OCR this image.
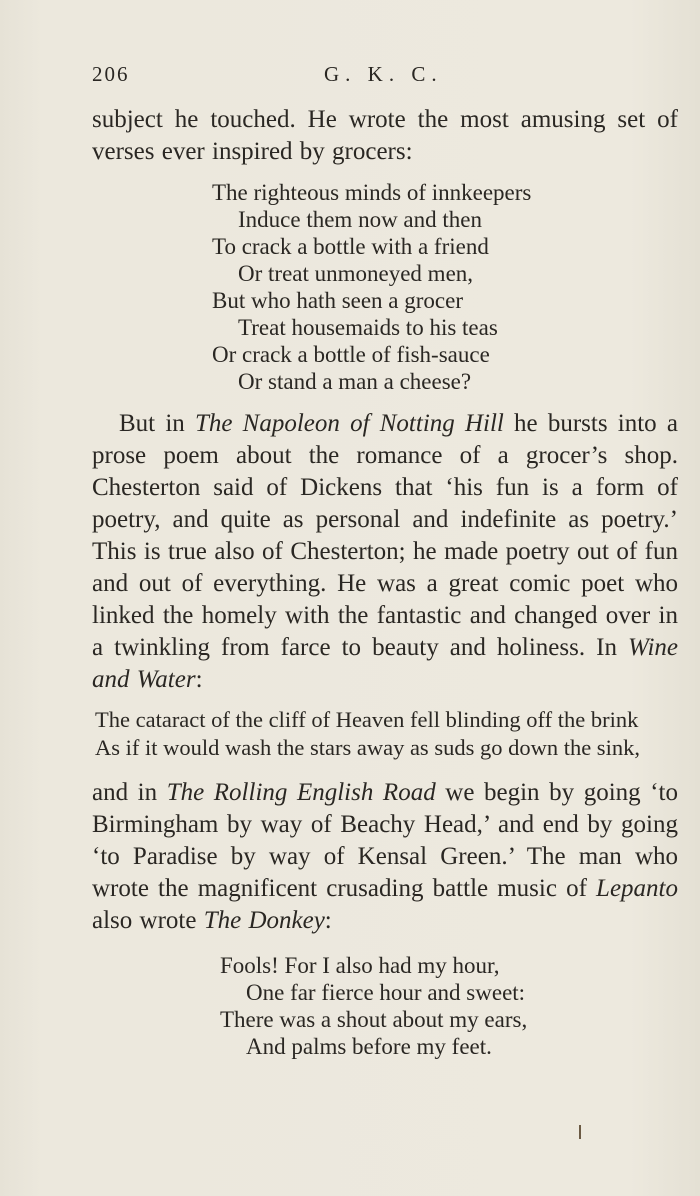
206	G. K. C.

subject he touched. He wrote the most amusing set of verses ever inspired by grocers:

The righteous minds of innkeepers
Induce them now and then
To crack a bottle with a friend
Or treat unmoneyed men,
But who hath seen a grocer
Treat housemaids to his teas
Or crack a bottle of fish-sauce
Or stand a man a cheese?

But in The Napoleon of Notting Hill he bursts into a prose poem about the romance of a grocer’s shop. Chesterton said of Dickens that ‘his fun is a form of poetry, and quite as personal and indefinite as poetry.’ This is true also of Chesterton; he made poetry out of fun and out of everything. He was a great comic poet who linked the homely with the fantastic and changed over in a twinkling from farce to beauty and holiness. In Wine and Water:

The cataract of the cliff of Heaven fell blinding off the brink
As if it would wash the stars away as suds go down the sink,

and in The Rolling English Road we begin by going ‘to Birmingham by way of Beachy Head,’ and end by going ‘to Paradise by way of Kensal Green.’ The man who wrote the magnificent crusading battle music of Lepanto also wrote The Donkey:

Fools! For I also had my hour,
One far fierce hour and sweet:
There was a shout about my ears,
And palms before my feet.
